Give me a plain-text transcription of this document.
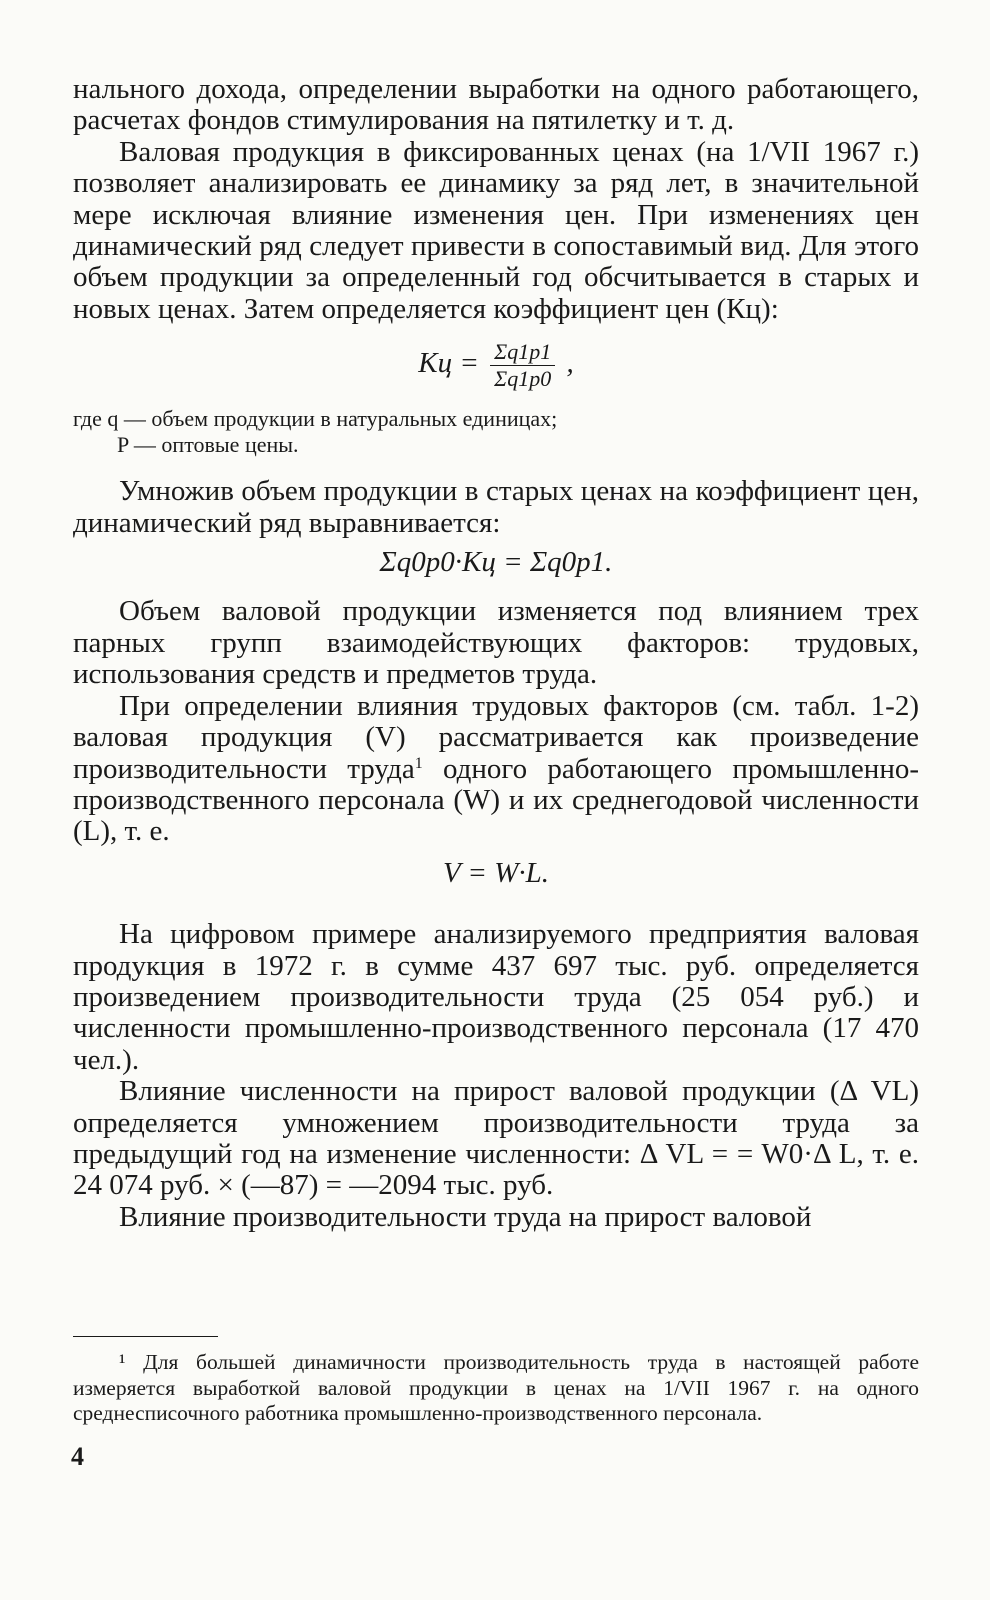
нального дохода, определении выработки на одного работающего, расчетах фондов стимулирования на пятилетку и т. д.

Валовая продукция в фиксированных ценах (на 1/VII 1967 г.) позволяет анализировать ее динамику за ряд лет, в значительной мере исключая влияние изменения цен. При изменениях цен динамический ряд следует привести в сопоставимый вид. Для этого объем продукции за определенный год обсчитывается в старых и новых ценах. Затем определяется коэффициент цен (Кц):

Kц = $\frac{\Sigma q1p1}{\Sigma q1p0}$ ,
где q — объем продукции в натуральных единицах;
P — оптовые цены.

Умножив объем продукции в старых ценах на коэффициент цен, динамический ряд выравнивается:

Σq0p0·Kц = Σq0p1.

Объем валовой продукции изменяется под влиянием трех парных групп взаимодействующих факторов: трудовых, использования средств и предметов труда.

При определении влияния трудовых факторов (см. табл. 1-2) валовая продукция (V) рассматривается как произведение производительности труда$^1$ одного работающего промышленно-производственного персонала (W) и их среднегодовой численности (L), т. е.

V = W·L.

На цифровом примере анализируемого предприятия валовая продукция в 1972 г. в сумме 437 697 тыс. руб. определяется произведением производительности труда (25 054 руб.) и численности промышленно-производственного персонала (17 470 чел.).

Влияние численности на прирост валовой продукции (Δ VL) определяется умножением производительности труда за предыдущий год на изменение численности: Δ VL = = W0·Δ L, т. е. 24 074 руб. × (—87) = —2094 тыс. руб.

Влияние производительности труда на прирост валовой

¹ Для большей динамичности производительность труда в настоящей работе измеряется выработкой валовой продукции в ценах на 1/VII 1967 г. на одного среднесписочного работника промышленно-производственного персонала.
4
